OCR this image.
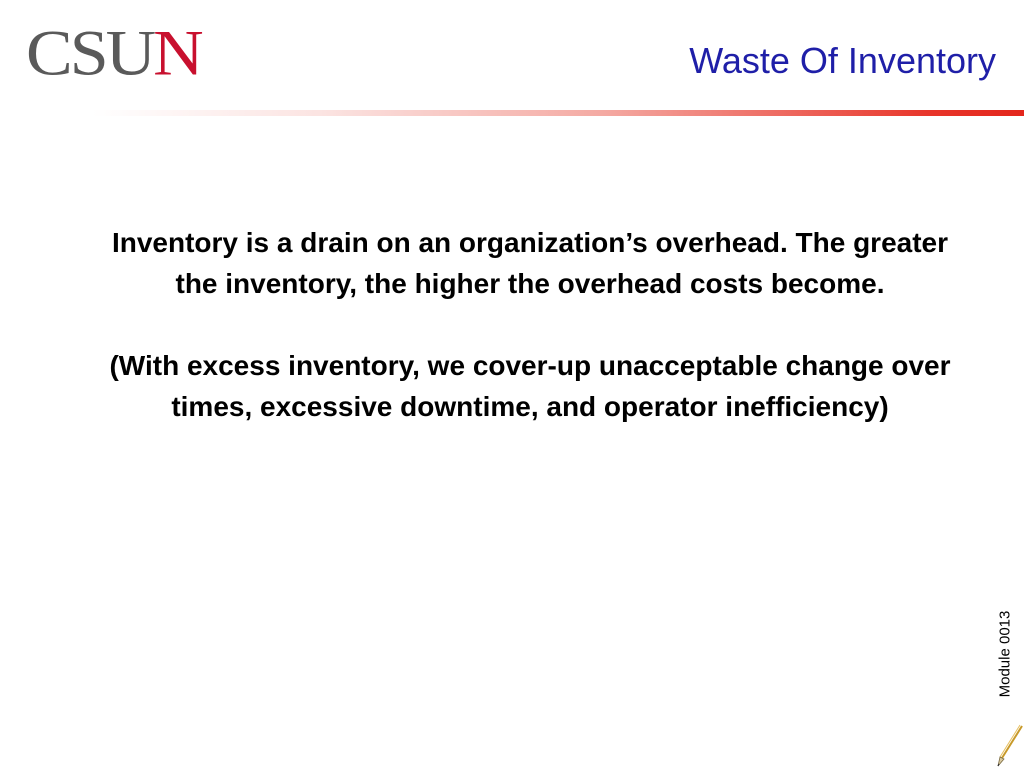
CSUN	Waste Of Inventory

Inventory is a drain on an organization’s overhead. The greater the inventory, the higher the overhead costs become.

(With excess inventory, we cover-up unacceptable change over times, excessive downtime, and operator inefficiency)

Module 0013
